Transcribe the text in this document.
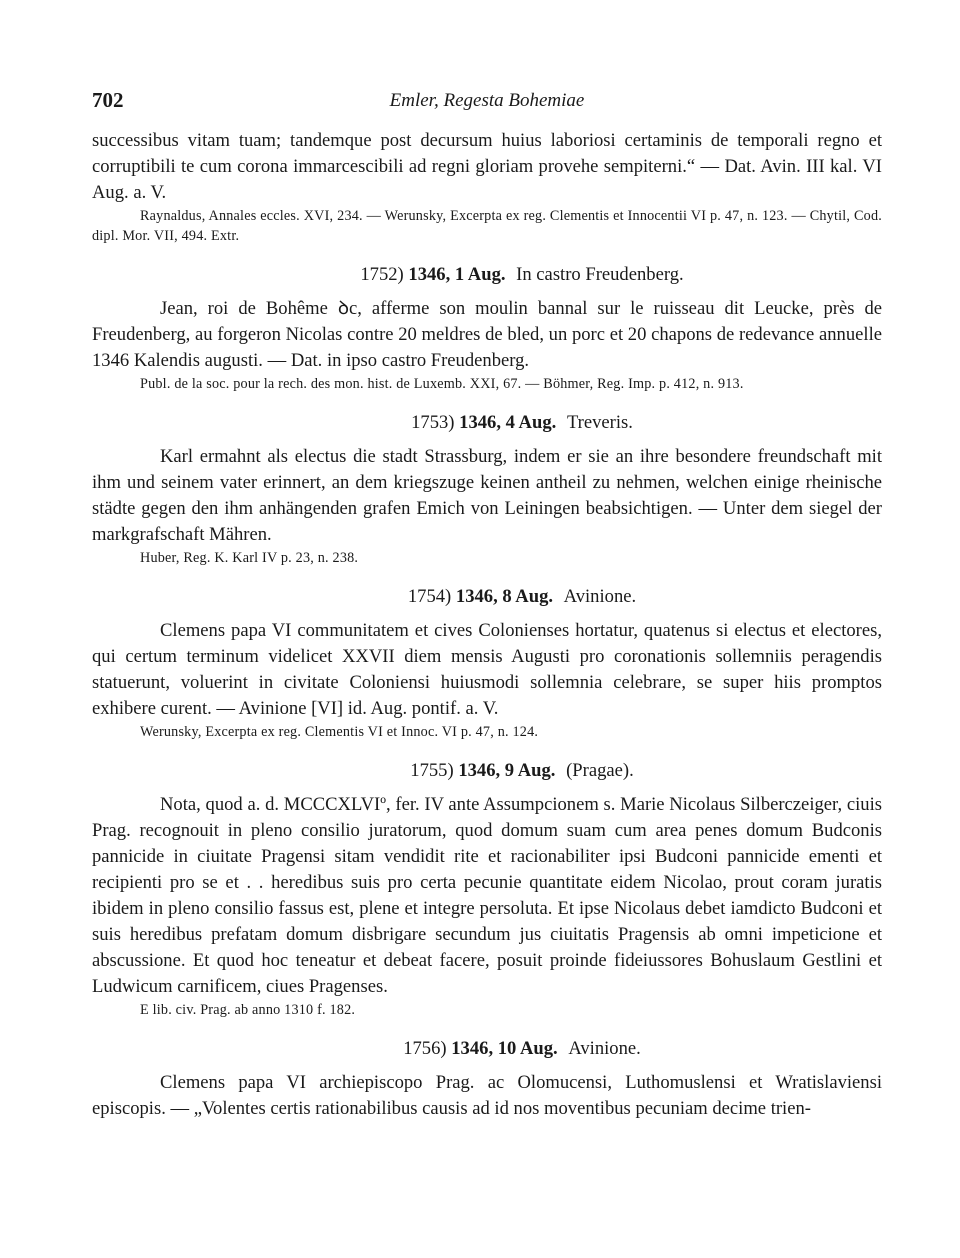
702	Emler, Regesta Bohemiae

successibus vitam tuam; tandemque post decursum huius laboriosi certaminis de temporali regno et corruptibili te cum corona immarcescibili ad regni gloriam provehe sempiterni.“ — Dat. Avin. III kal. VI Aug. a. V.

Raynaldus, Annales eccles. XVI, 234. — Werunsky, Excerpta ex reg. Clementis et Innocentii VI p. 47, n. 123. — Chytil, Cod. dipl. Mor. VII, 494. Extr.

1752) 1346, 1 Aug. In castro Freudenberg.

Jean, roi de Bohême ꝺc, afferme son moulin bannal sur le ruisseau dit Leucke, près de Freudenberg, au forgeron Nicolas contre 20 meldres de bled, un porc et 20 chapons de redevance annuelle 1346 Kalendis augusti. — Dat. in ipso castro Freudenberg.

Publ. de la soc. pour la rech. des mon. hist. de Luxemb. XXI, 67. — Böhmer, Reg. Imp. p. 412, n. 913.

1753) 1346, 4 Aug. Treveris.

Karl ermahnt als electus die stadt Strassburg, indem er sie an ihre besondere freundschaft mit ihm und seinem vater erinnert, an dem kriegszuge keinen antheil zu nehmen, welchen einige rheinische städte gegen den ihm anhängenden grafen Emich von Leiningen beabsichtigen. — Unter dem siegel der markgrafschaft Mähren.

Huber, Reg. K. Karl IV p. 23, n. 238.

1754) 1346, 8 Aug. Avinione.

Clemens papa VI communitatem et cives Colonienses hortatur, quatenus si electus et electores, qui certum terminum videlicet XXVII diem mensis Augusti pro coronationis sollemniis peragendis statuerunt, voluerint in civitate Coloniensi huiusmodi sollemnia celebrare, se super hiis promptos exhibere curent. — Avinione [VI] id. Aug. pontif. a. V.

Werunsky, Excerpta ex reg. Clementis VI et Innoc. VI p. 47, n. 124.

1755) 1346, 9 Aug. (Pragae).

Nota, quod a. d. MCCCXLVIº, fer. IV ante Assumpcionem s. Marie Nicolaus Silberczeiger, ciuis Prag. recognouit in pleno consilio juratorum, quod domum suam cum area penes domum Budconis pannicide in ciuitate Pragensi sitam vendidit rite et racionabiliter ipsi Budconi pannicide ementi et recipienti pro se et . . heredibus suis pro certa pecunie quantitate eidem Nicolao, prout coram juratis ibidem in pleno consilio fassus est, plene et integre persoluta. Et ipse Nicolaus debet iamdicto Budconi et suis heredibus prefatam domum disbrigare secundum jus ciuitatis Pragensis ab omni impeticione et abscussione. Et quod hoc teneatur et debeat facere, posuit proinde fideiussores Bohuslaum Gestlini et Ludwicum carnificem, ciues Pragenses.

E lib. civ. Prag. ab anno 1310 f. 182.

1756) 1346, 10 Aug. Avinione.

Clemens papa VI archiepiscopo Prag. ac Olomucensi, Luthomuslensi et Wratislaviensi episcopis. — „Volentes certis rationabilibus causis ad id nos moventibus pecuniam decime trien-
